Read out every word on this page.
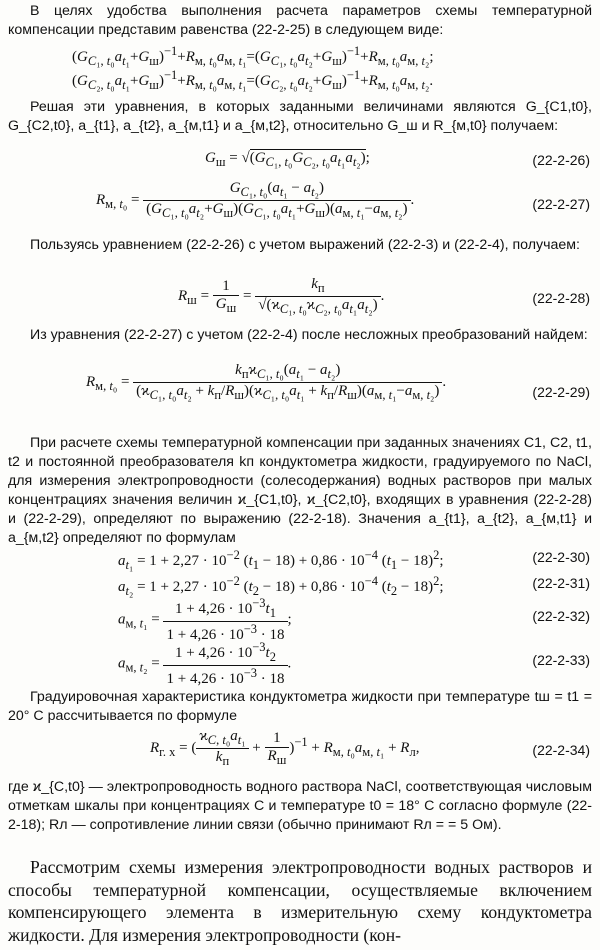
В целях удобства выполнения расчета параметров схемы температурной компенсации представим равенства (22-2-25) в следующем виде:

$(G_{C_1, t_0}a_{t_1}+G_ш)^{-1}+R_{м, t_0}a_{м, t_1}=(G_{C_1, t_0}a_{t_2}+G_ш)^{-1}+R_{м, t_0}a_{м, t_2}$;
$(G_{C_2, t_0}a_{t_1}+G_ш)^{-1}+R_{м, t_0}a_{м, t_1}=(G_{C_2, t_0}a_{t_2}+G_ш)^{-1}+R_{м, t_0}a_{м, t_2}$.

Решая эти уравнения, в которых заданными величинами являются G_{C1,t0}, G_{C2,t0}, a_{t1}, a_{t2}, a_{м,t1} и a_{м,t2}, относительно G_ш и R_{м,t0} получаем:

$G_ш = √(G_{C_1, t_0}G_{C_2, t_0}a_{t_1}a_{t_2})$;	(22-2-26)
$R_{м, t_0} = \frac{G_{C_1, t_0}(a_{t_1} - a_{t_2})}{(G_{C_1, t_0}a_{t_2}+G_ш)(G_{C_1, t_0}a_{t_1}+G_ш)(a_{м, t_1}-a_{м, t_2})}$ .	(22-2-27)

Пользуясь уравнением (22-2-26) с учетом выражений (22-2-3) и (22-2-4), получаем:

$R_ш = \frac{1}{G_ш} = \frac{k_п}{√(ϰ_{C_1, t_0}ϰ_{C_2, t_0}a_{t_1}a_{t_2})}$ .	(22-2-28)

Из уравнения (22-2-27) с учетом (22-2-4) после несложных преобразований найдем:

$R_{м, t_0} = \frac{k_пϰ_{C_1, t_0}(a_{t_1} - a_{t_2})}{(ϰ_{C_1, t_0}a_{t_2} + k_п/R_ш)(ϰ_{C_1, t_0}a_{t_1} + k_п/R_ш)(a_{м, t_1}-a_{м, t_2})}$ .
(22-2-29)

При расчете схемы температурной компенсации при заданных значениях C1, C2, t1, t2 и постоянной преобразователя kп кондуктометра жидкости, градуируемого по NaCl, для измерения электропроводности (солесодержания) водных растворов при малых концентрациях значения величин ϰ_{C1,t0}, ϰ_{C2,t0}, входящих в уравнения (22-2-28) и (22-2-29), определяют по выражению (22-2-18). Значения a_{t1}, a_{t2}, a_{м,t1} и a_{м,t2} определяют по формулам

$a_{t_1} = 1 + 2,27 \cdot 10^{-2}$ $(t_1 - 18) + 0,86 \cdot 10^{-4}$ $(t_1 - 18)^2$;	(22-2-30)
$a_{t_2} = 1 + 2,27 \cdot 10^{-2}$ $(t_2 - 18) + 0,86 \cdot 10^{-4}$ $(t_2 - 18)^2$;	(22-2-31)
$a_{м, t_1} = \frac{1 + 4,26 \cdot 10^{-3}t_1}{1 + 4,26 \cdot 10^{-3} \cdot 18}$ ;	(22-2-32)
$a_{м, t_2} = \frac{1 + 4,26 \cdot 10^{-3}t_2}{1 + 4,26 \cdot 10^{-3} \cdot 18}$ .	(22-2-33)

Градуировочная характеристика кондуктометра жидкости при температуре tш = t1 = 20° C рассчитывается по формуле

$R_{г. х}$ = ( $\frac{ϰ_{C, t_0}a_{t_1}}{k_п} + \frac{1}{R_ш} )^{-1} + R_{м, t_0}a_{м, t_1} + R_л$,	(22-2-34)

где ϰ_{C,t0} — электропроводность водного раствора NaCl, соответствующая числовым отметкам шкалы при концентрациях C и температуре t0 = 18° C согласно формуле (22-2-18); Rл — сопротивление линии связи (обычно принимают Rл = = 5 Ом).

Рассмотрим схемы измерения электропроводности водных растворов и способы температурной компенсации, осуществляемые включением компенсирующего элемента в измерительную схему кондуктометра жидкости. Для измерения электропроводности (кон-
